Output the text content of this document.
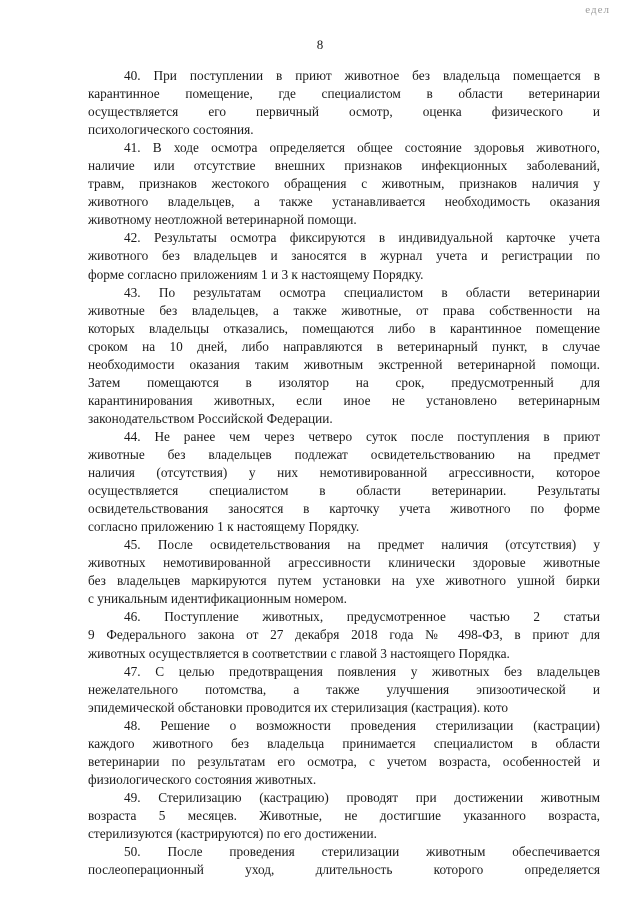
едел
8

40. При поступлении в приют животное без владельца помещается в

карантинное помещение, где специалистом в области ветеринарии

осуществляется его первичный осмотр, оценка физического и

психологического состояния.

41. В ходе осмотра определяется общее состояние здоровья животного,

наличие или отсутствие внешних признаков инфекционных заболеваний,

травм, признаков жестокого обращения с животным, признаков наличия у

животного владельцев, а также устанавливается необходимость оказания

животному неотложной ветеринарной помощи.

42. Результаты осмотра фиксируются в индивидуальной карточке учета

животного без владельцев и заносятся в журнал учета и регистрации по

форме согласно приложениям 1 и 3 к настоящему Порядку.

43. По результатам осмотра специалистом в области ветеринарии

животные без владельцев, а также животные, от права собственности на

которых владельцы отказались, помещаются либо в карантинное помещение

сроком на 10 дней, либо направляются в ветеринарный пункт, в случае

необходимости оказания таким животным экстренной ветеринарной помощи.

Затем помещаются в изолятор на срок, предусмотренный для

карантинирования животных, если иное не установлено ветеринарным

законодательством Российской Федерации.

44. Не ранее чем через четверо суток после поступления в приют

животные без владельцев подлежат освидетельствованию на предмет

наличия (отсутствия) у них немотивированной агрессивности, которое

осуществляется специалистом в области ветеринарии. Результаты

освидетельствования заносятся в карточку учета животного по форме

согласно приложению 1 к настоящему Порядку.

45. После освидетельствования на предмет наличия (отсутствия) у

животных немотивированной агрессивности клинически здоровые животные

без владельцев маркируются путем установки на ухе животного ушной бирки

с уникальным идентификационным номером.

46. Поступление животных, предусмотренное частью 2 статьи

9 Федерального закона от 27 декабря 2018 года № 498-ФЗ, в приют для

животных осуществляется в соответствии с главой 3 настоящего Порядка.

47. С целью предотвращения появления у животных без владельцев

нежелательного потомства, а также улучшения эпизоотической и

эпидемической обстановки проводится их стерилизация (кастрация). кото

48. Решение о возможности проведения стерилизации (кастрации)

каждого животного без владельца принимается специалистом в области

ветеринарии по результатам его осмотра, с учетом возраста, особенностей и

физиологического состояния животных.

49. Стерилизацию (кастрацию) проводят при достижении животным

возраста 5 месяцев. Животные, не достигшие указанного возраста,

стерилизуются (кастрируются) по его достижении.

50. После проведения стерилизации животным обеспечивается

послеоперационный уход, длительность которого определяется
